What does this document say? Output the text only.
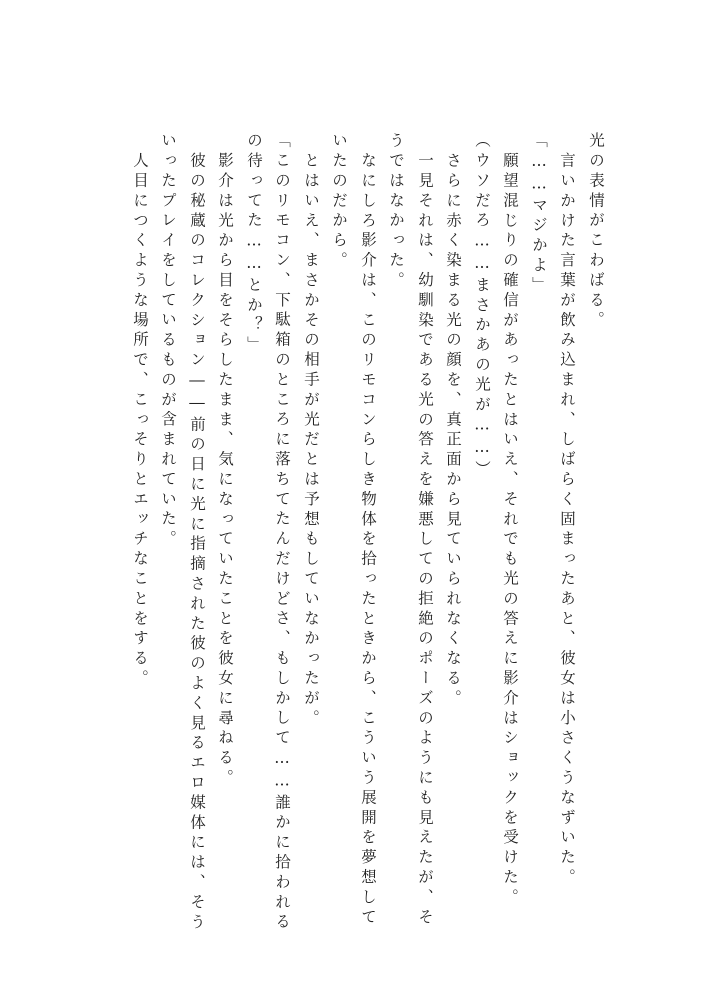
光の表情がこわばる。
言いかけた言葉が飲み込まれ、しばらく固まったあと、彼女は小さくうなずいた。
「……マジかよ」
願望混じりの確信があったとはいえ、それでも光の答えに影介はショックを受けた。
（ウソだろ……まさかあの光が……）
さらに赤く染まる光の顔を、真正面から見ていられなくなる。
一見それは、幼馴染である光の答えを嫌悪しての拒絶のポーズのようにも見えたが、そ
うではなかった。
なにしろ影介は、このリモコンらしき物体を拾ったときから、こういう展開を夢想して
いたのだから。
とはいえ、まさかその相手が光だとは予想もしていなかったが。
「このリモコン、下駄箱のところに落ちてたんだけどさ、もしかして……誰かに拾われる
の待ってた……とか？」
影介は光から目をそらしたまま、気になっていたことを彼女に尋ねる。
彼の秘蔵のコレクション――前の日に光に指摘された彼のよく見るエロ媒体には、そう
いったプレイをしているものが含まれていた。
人目につくような場所で、こっそりとエッチなことをする。
